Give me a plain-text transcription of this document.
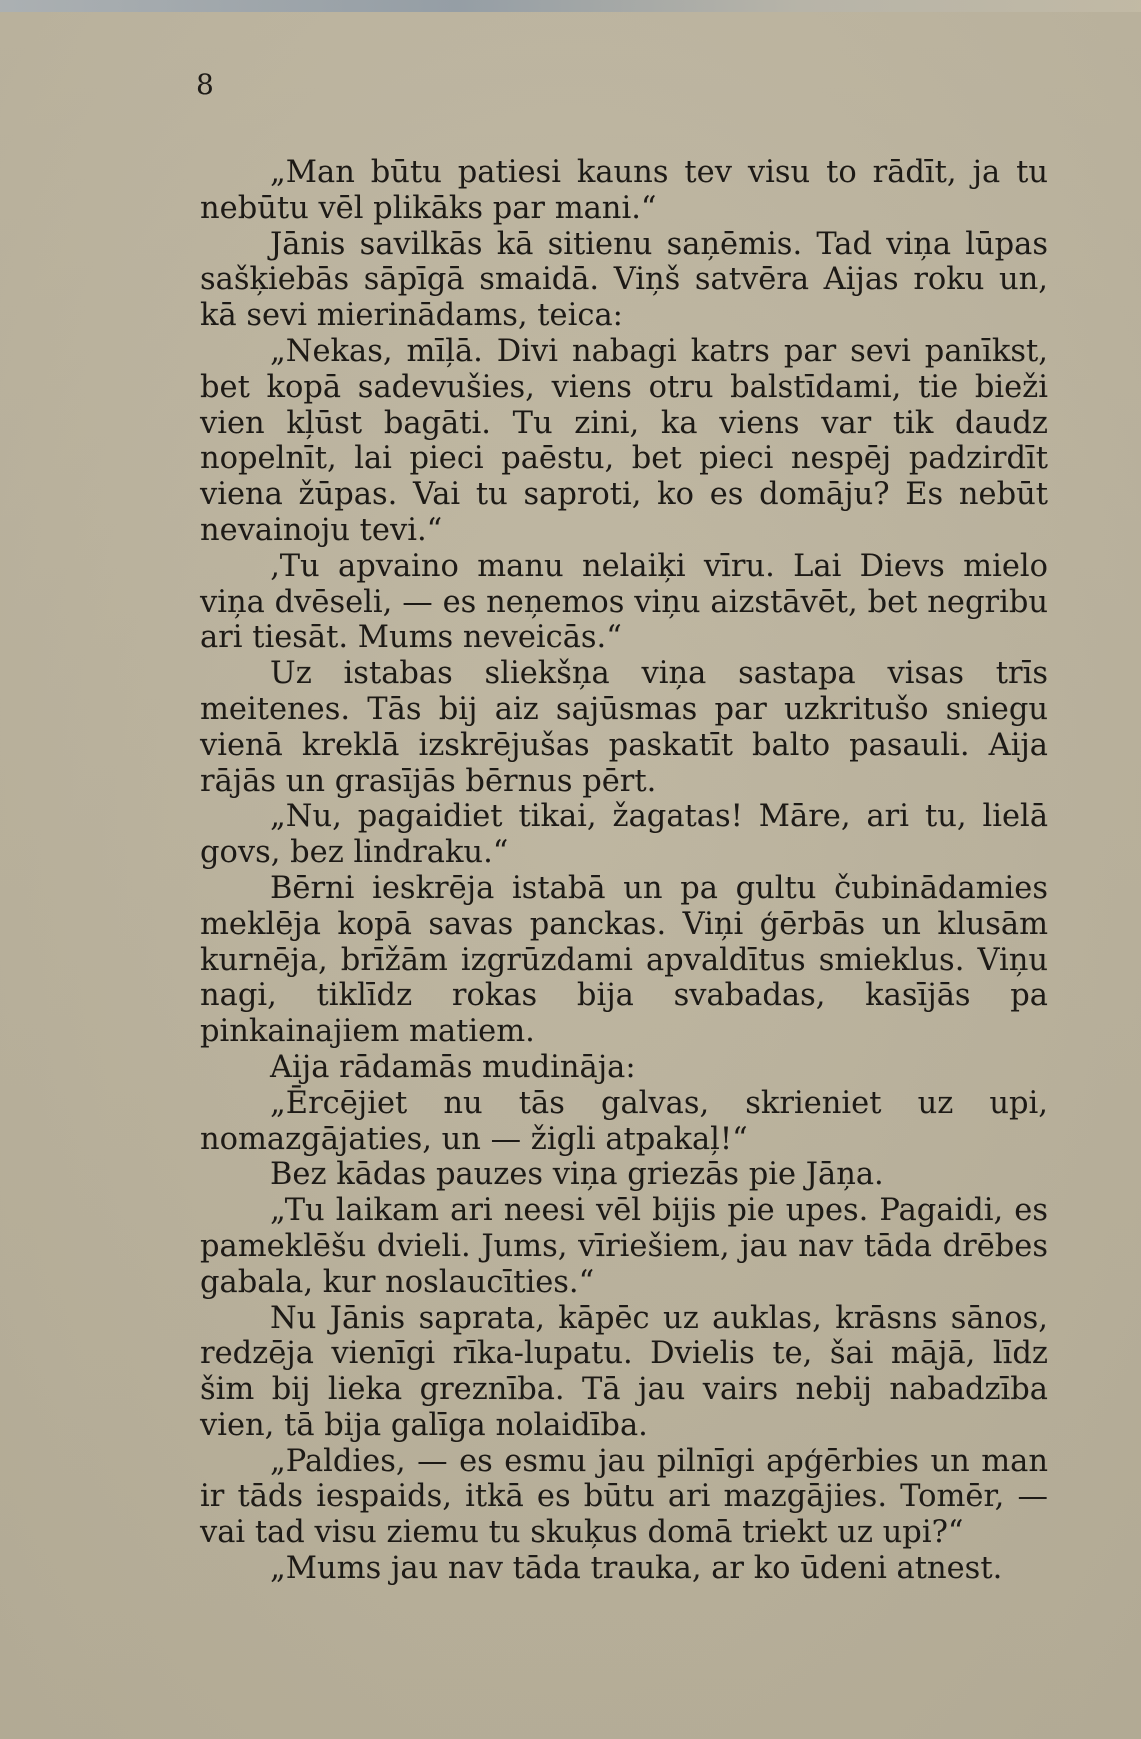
8

„Man būtu patiesi kauns tev visu to rādīt, ja tu nebūtu vēl plikāks par mani.“

Jānis savilkās kā sitienu saņēmis. Tad viņa lūpas sašķiebās sāpīgā smaidā. Viņš satvēra Aijas roku un, kā sevi mierinādams, teica:

„Nekas, mīļā. Divi nabagi katrs par sevi panīkst, bet kopā sadevušies, viens otru balstīdami, tie bieži vien kļūst bagāti. Tu zini, ka viens var tik daudz nopelnīt, lai pieci paēstu, bet pieci nespēj padzirdīt viena žūpas. Vai tu saproti, ko es domāju? Es nebūt nevainoju tevi.“

‚Tu apvaino manu nelaiķi vīru. Lai Dievs mielo viņa dvēseli, — es neņemos viņu aizstāvēt, bet negribu ari tiesāt. Mums neveicās.“

Uz istabas sliekšņa viņa sastapa visas trīs meitenes. Tās bij aiz sajūsmas par uzkritušo sniegu vienā kreklā izskrējušas paskatīt balto pasauli. Aija rājās un grasījās bērnus pērt.

„Nu, pagaidiet tikai, žagatas! Māre, ari tu, lielā govs, bez lindraku.“

Bērni ieskrēja istabā un pa gultu čubinādamies meklēja kopā savas panckas. Viņi ģērbās un klusām kurnēja, brīžām izgrūzdami apvaldītus smieklus. Viņu nagi, tiklīdz rokas bija svabadas, kasījās pa pinkainajiem matiem.

Aija rādamās mudināja:

„Ērcējiet nu tās galvas, skrieniet uz upi, nomazgājaties, un — žigli atpakaļ!“

Bez kādas pauzes viņa griezās pie Jāņa.

„Tu laikam ari neesi vēl bijis pie upes. Pagaidi, es pameklēšu dvieli. Jums, vīriešiem, jau nav tāda drēbes gabala, kur noslaucīties.“

Nu Jānis saprata, kāpēc uz auklas, krāsns sānos, redzēja vienīgi rīka-lupatu. Dvielis te, šai mājā, līdz šim bij lieka greznība. Tā jau vairs nebij nabadzība vien, tā bija galīga nolaidība.

„Paldies, — es esmu jau pilnīgi apģērbies un man ir tāds iespaids, itkā es būtu ari mazgājies. Tomēr, — vai tad visu ziemu tu skuķus domā triekt uz upi?“

„Mums jau nav tāda trauka, ar ko ūdeni atnest.
